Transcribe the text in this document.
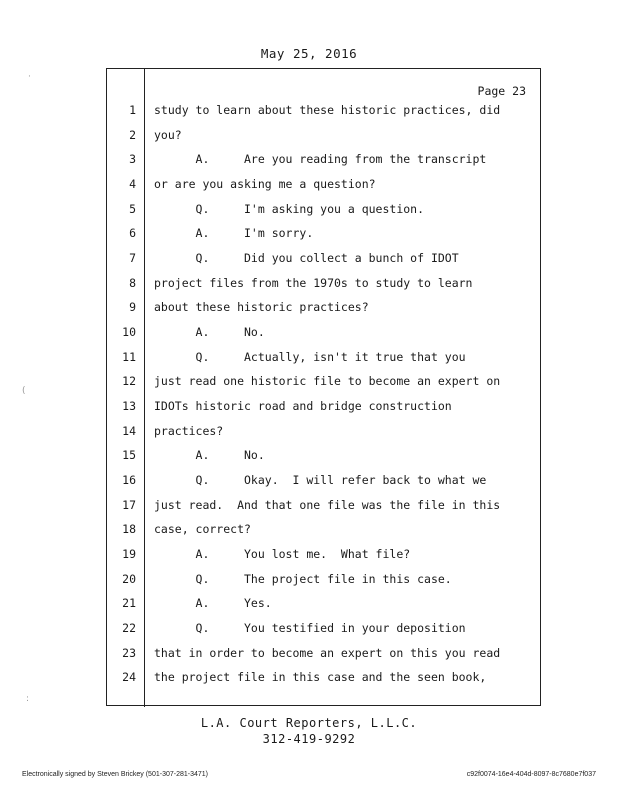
May 25, 2016
Page 23
1 study to learn about these historic practices, did
2 you?
3 A.     Are you reading from the transcript
4 or are you asking me a question?
5 Q.     I'm asking you a question.
6 A.     I'm sorry.
7 Q.     Did you collect a bunch of IDOT
8 project files from the 1970s to study to learn
9 about these historic practices?
10 A.     No.
11 Q.     Actually, isn't it true that you
12 just read one historic file to become an expert on
13 IDOTs historic road and bridge construction
14 practices?
15 A.     No.
16 Q.     Okay.  I will refer back to what we
17 just read.  And that one file was the file in this
18 case, correct?
19 A.     You lost me.  What file?
20 Q.     The project file in this case.
21 A.     Yes.
22 Q.     You testified in your deposition
23 that in order to become an expert on this you read
24 the project file in this case and the seen book,
L.A. Court Reporters, L.L.C.
312-419-9292
Electronically signed by Steven Brickey (501-307-281-3471)	c92f0074-16e4-404d-8097-8c7680e7f037
·
(
:
